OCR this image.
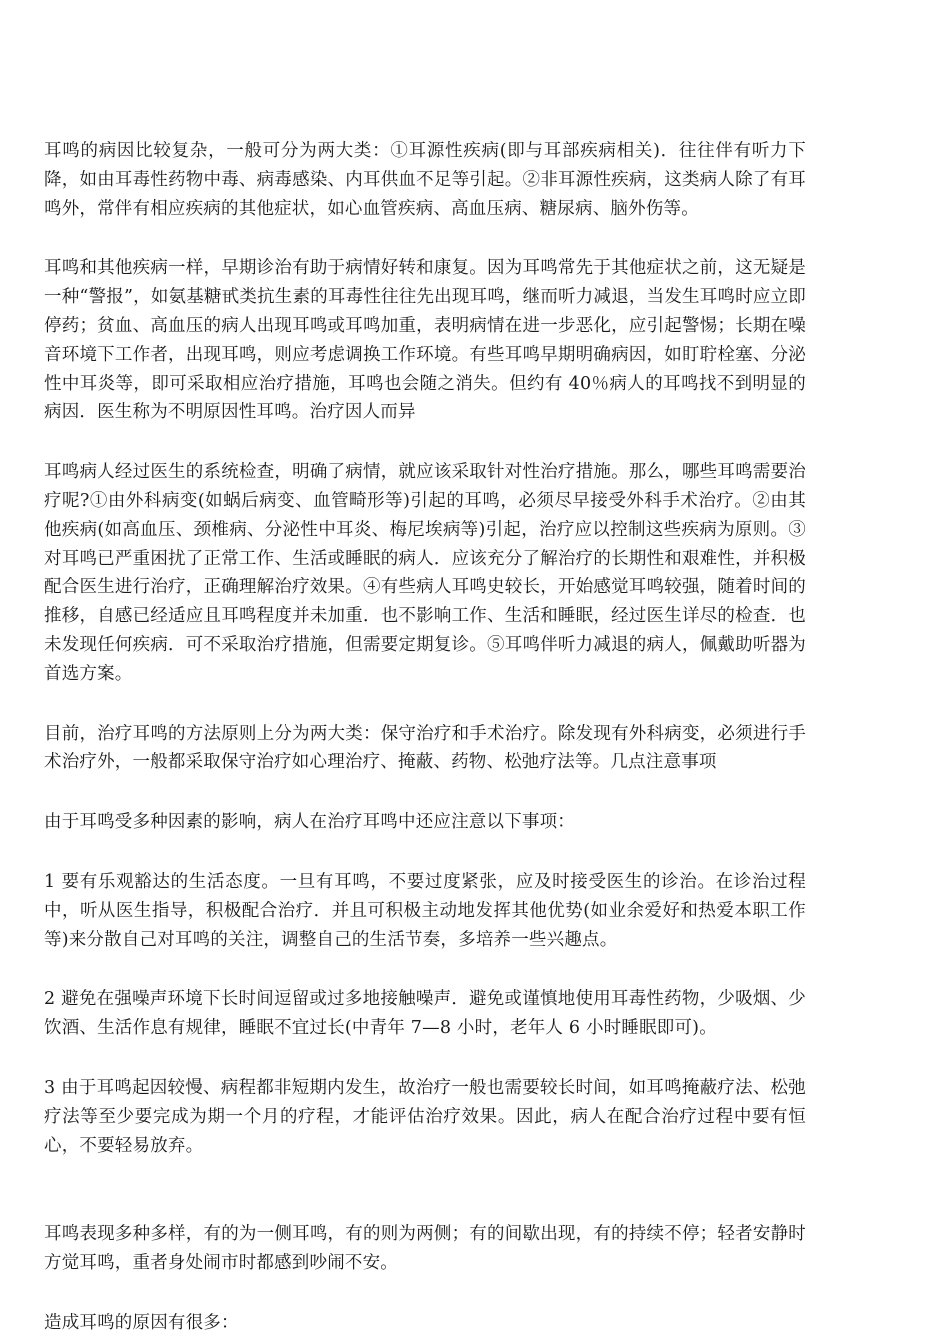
耳鸣的病因比较复杂，一般可分为两大类：①耳源性疾病(即与耳部疾病相关)．往往伴有听力下降，如由耳毒性药物中毒、病毒感染、内耳供血不足等引起。②非耳源性疾病，这类病人除了有耳鸣外，常伴有相应疾病的其他症状，如心血管疾病、高血压病、糖尿病、脑外伤等。

耳鸣和其他疾病一样，早期诊治有助于病情好转和康复。因为耳鸣常先于其他症状之前，这无疑是一种“警报”，如氨基糖甙类抗生素的耳毒性往往先出现耳鸣，继而听力减退，当发生耳鸣时应立即停药；贫血、高血压的病人出现耳鸣或耳鸣加重，表明病情在进一步恶化，应引起警惕；长期在噪音环境下工作者，出现耳鸣，则应考虑调换工作环境。有些耳鸣早期明确病因，如盯聍栓塞、分泌性中耳炎等，即可采取相应治疗措施，耳鸣也会随之消失。但约有 40％病人的耳鸣找不到明显的病因．医生称为不明原因性耳鸣。治疗因人而异

耳鸣病人经过医生的系统检查，明确了病情，就应该采取针对性治疗措施。那么，哪些耳鸣需要治疗呢?①由外科病变(如蜗后病变、血管畸形等)引起的耳鸣，必须尽早接受外科手术治疗。②由其他疾病(如高血压、颈椎病、分泌性中耳炎、梅尼埃病等)引起，治疗应以控制这些疾病为原则。③对耳鸣已严重困扰了正常工作、生活或睡眠的病人．应该充分了解治疗的长期性和艰难性，并积极配合医生进行治疗，正确理解治疗效果。④有些病人耳鸣史较长，开始感觉耳鸣较强，随着时间的推移，自感已经适应且耳鸣程度并未加重．也不影响工作、生活和睡眠，经过医生详尽的检查．也未发现任何疾病．可不采取治疗措施，但需要定期复诊。⑤耳鸣伴听力减退的病人，佩戴助听器为首选方案。

目前，治疗耳鸣的方法原则上分为两大类：保守治疗和手术治疗。除发现有外科病变，必须进行手术治疗外，一般都采取保守治疗如心理治疗、掩蔽、药物、松弛疗法等。几点注意事项

由于耳鸣受多种因素的影响，病人在治疗耳鸣中还应注意以下事项：

1 要有乐观豁达的生活态度。一旦有耳鸣，不要过度紧张，应及时接受医生的诊治。在诊治过程中，听从医生指导，积极配合治疗．并且可积极主动地发挥其他优势(如业余爱好和热爱本职工作等)来分散自己对耳鸣的关注，调整自己的生活节奏，多培养一些兴趣点。

2 避免在强噪声环境下长时间逗留或过多地接触噪声．避免或谨慎地使用耳毒性药物，少吸烟、少饮酒、生活作息有规律，睡眠不宜过长(中青年 7—8 小时，老年人 6 小时睡眠即可)。

3 由于耳鸣起因较慢、病程都非短期内发生，故治疗一般也需要较长时间，如耳鸣掩蔽疗法、松弛疗法等至少要完成为期一个月的疗程，才能评估治疗效果。因此，病人在配合治疗过程中要有恒心，不要轻易放弃。

耳鸣表现多种多样，有的为一侧耳鸣，有的则为两侧；有的间歇出现，有的持续不停；轻者安静时方觉耳鸣，重者身处闹市时都感到吵闹不安。

造成耳鸣的原因有很多：
